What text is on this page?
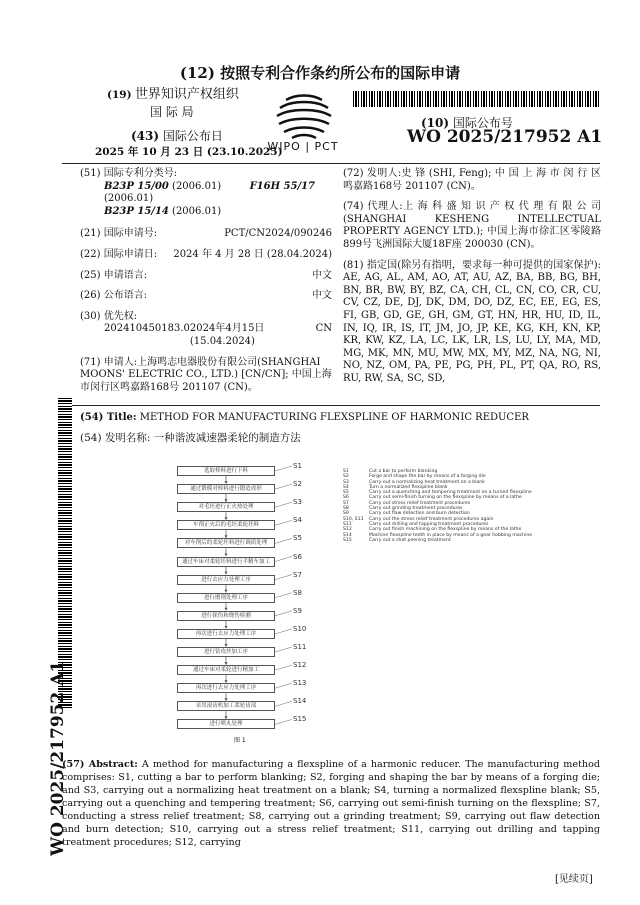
(12) 按照专利合作条约所公布的国际申请
(19) 世界知识产权组织
国 际 局
(43) 国际公布日
2025 年 10 月 23 日 (23.10.2025)
WIPO | PCT
(10) 国际公布号
WO 2025/217952 A1
(51) 国际专利分类号:
B23P 15/00 (2006.01)	F16H 55/17 (2006.01)
B23P 15/14 (2006.01)
(21) 国际申请号:	PCT/CN2024/090246
(22) 国际申请日: 2024 年 4 月 28 日 (28.04.2024)
(25) 申请语言:	中文
(26) 公布语言:	中文
(30) 优先权:
202410450183.0 2024年4月15日 (15.04.2024)
CN
(71) 申请人:上海鸣志电器股份有限公司(SHANGHAI MOONS' ELECTRIC CO., LTD.) [CN/CN]; 中国上海市闵行区鸣嘉路168号 201107 (CN)。
(72) 发明人:史 锋 (SHI, Feng); 中 国 上 海 市 闵 行 区 鸣嘉路168号 201107 (CN)。
(74) 代理人:上 海 科 盛 知 识 产 权 代 理 有 限 公 司 (SHANGHAI KESHENG INTELLECTUAL PROPERTY AGENCY LTD.); 中国上海市徐汇区零陵路899号飞洲国际大厦18F座 200030 (CN)。
(81) 指定国(除另有指明，要求每一种可提供的国家保护): AE, AG, AL, AM, AO, AT, AU, AZ, BA, BB, BG, BH, BN, BR, BW, BY, BZ, CA, CH, CL, CN, CO, CR, CU, CV, CZ, DE, DJ, DK, DM, DO, DZ, EC, EE, EG, ES, FI, GB, GD, GE, GH, GM, GT, HN, HR, HU, ID, IL, IN, IQ, IR, IS, IT, JM, JO, JP, KE, KG, KH, KN, KP, KR, KW, KZ, LA, LC, LK, LR, LS, LU, LY, MA, MD, MG, MK, MN, MU, MW, MX, MY, MZ, NA, NG, NI, NO, NZ, OM, PA, PE, PG, PH, PL, PT, QA, RO, RS, RU, RW, SA, SC, SD,
(54) Title: METHOD FOR MANUFACTURING FLEXSPLINE OF HARMONIC REDUCER
(54) 发明名称: 一种谐波减速器柔轮的制造方法
选取棒料进行下料
S1
通过锻模对棒料进行锻造成形
S2
对毛坯进行正火热处理
S3
车削正火后的毛坯柔轮坯料
S4
对车削后的柔轮坯料进行调质处理
S5
通过车床对柔轮坯料进行半精车加工
S6
进行去应力处理工序
S7
进行磨削处理工序
S8
进行探伤和烧伤检测
S9
再次进行去应力处理工序
S10
进行钻攻丝加工序
S11
通过车床对柔轮进行精加工
S12
再次进行去应力处理工序
S13
采用滚齿机加工柔轮齿部
S14
进行喷丸处理
S15
图 1
S1	Cut a bar to perform blanking
S2	Forge and shape the bar by means of a forging die
S3	Carry out a normalizing heat treatment on a blank
S4	Turn a normalized flexspline blank
S5	Carry out a quenching and tempering treatment on a turned flexspline
S6	Carry out semi-finish turning on the flexspline by means of a lathe
S7	Carry out stress relief treatment procedures
S8	Carry out grinding treatment procedures
S9	Carry out flaw detection and burn detection
S10, S13 Carry out the stress relief treatment procedures again
S11	Carry out drilling and tapping treatment procedures
S12	Carry out finish machining on the flexspline by means of the lathe
S14	Machine flexspline teeth in place by means of a gear hobbing machine
S15	Carry out a shot peening treatment
(57) Abstract: A method for manufacturing a flexspline of a harmonic reducer. The manufacturing method comprises: S1, cutting a bar to perform blanking; S2, forging and shaping the bar by means of a forging die; and S3, carrying out a normalizing heat treatment on a blank; S4, turning a normalized flexspline blank; S5, carrying out a quenching and tempering treatment; S6, carrying out semi-finish turning on the flexspline; S7, conducting a stress relief treatment; S8, carrying out a grinding treatment; S9, carrying out flaw detection and burn detection; S10, carrying out a stress relief treatment; S11, carrying out drilling and tapping treatment procedures; S12, carrying
WO 2025/217952 A1
[见续页]
